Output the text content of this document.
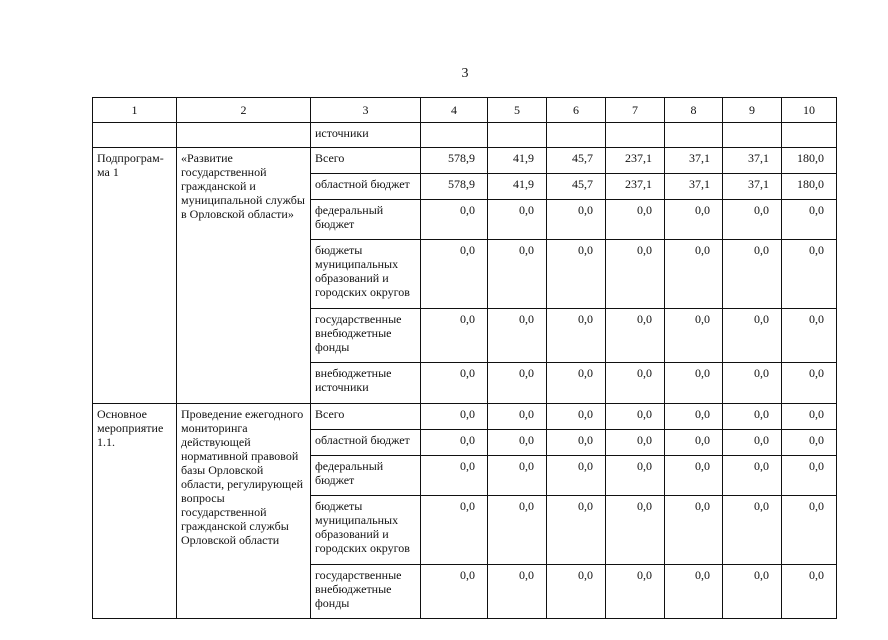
3
1	2	3	4	5	6	7	8	9	10
		источники							
Подпрограм-ма 1	«Развитие государственной гражданской и муниципальной службы в Орловской области»	Всего	578,9	41,9	45,7	237,1	37,1	37,1	180,0
		областной бюджет	578,9	41,9	45,7	237,1	37,1	37,1	180,0
		федеральный бюджет	0,0	0,0	0,0	0,0	0,0	0,0	0,0
		бюджеты муниципальных образований и городских округов	0,0	0,0	0,0	0,0	0,0	0,0	0,0
		государственные внебюджетные фонды	0,0	0,0	0,0	0,0	0,0	0,0	0,0
		внебюджетные источники	0,0	0,0	0,0	0,0	0,0	0,0	0,0
Основное мероприятие 1.1.	Проведение ежегодного мониторинга действующей нормативной правовой базы Орловской области, регулирующей вопросы государственной гражданской службы Орловской области	Всего	0,0	0,0	0,0	0,0	0,0	0,0	0,0
		областной бюджет	0,0	0,0	0,0	0,0	0,0	0,0	0,0
		федеральный бюджет	0,0	0,0	0,0	0,0	0,0	0,0	0,0
		бюджеты муниципальных образований и городских округов	0,0	0,0	0,0	0,0	0,0	0,0	0,0
		государственные внебюджетные фонды	0,0	0,0	0,0	0,0	0,0	0,0	0,0
